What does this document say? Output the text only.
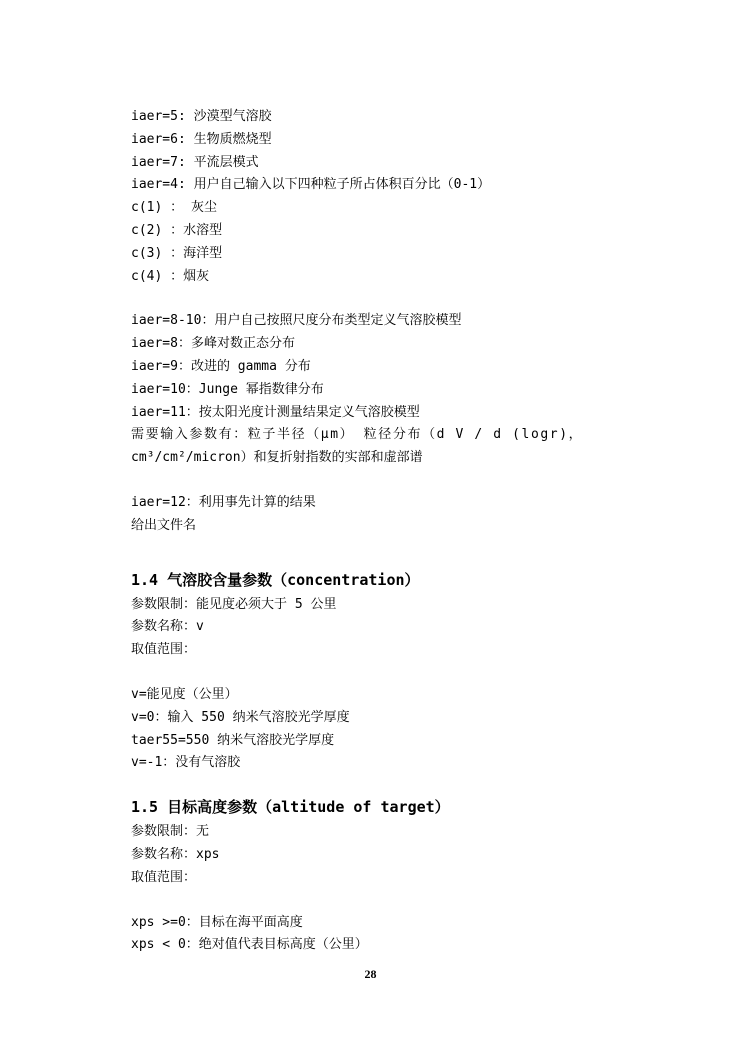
iaer=5: 沙漠型气溶胶
iaer=6: 生物质燃烧型
iaer=7: 平流层模式
iaer=4: 用户自己输入以下四种粒子所占体积百分比（0-1）
c(1) ： 灰尘
c(2) ：水溶型
c(3) ：海洋型
c(4) ：烟灰
iaer=8-10：用户自己按照尺度分布类型定义气溶胶模型
iaer=8：多峰对数正态分布
iaer=9：改进的 gamma 分布
iaer=10：Junge 幂指数律分布
iaer=11：按太阳光度计测量结果定义气溶胶模型
需要输入参数有：粒子半径（μm） 粒径分布（d V / d (logr)，
cm³/cm²/micron）和复折射指数的实部和虚部谱
iaer=12：利用事先计算的结果
给出文件名
1.4 气溶胶含量参数（concentration）
参数限制：能见度必须大于 5 公里
参数名称：v
取值范围：
v=能见度（公里）
v=0：输入 550 纳米气溶胶光学厚度
taer55=550 纳米气溶胶光学厚度
v=-1：没有气溶胶
1.5 目标高度参数（altitude of target）
参数限制：无
参数名称：xps
取值范围：
xps >=0：目标在海平面高度
xps < 0：绝对值代表目标高度（公里）
28
